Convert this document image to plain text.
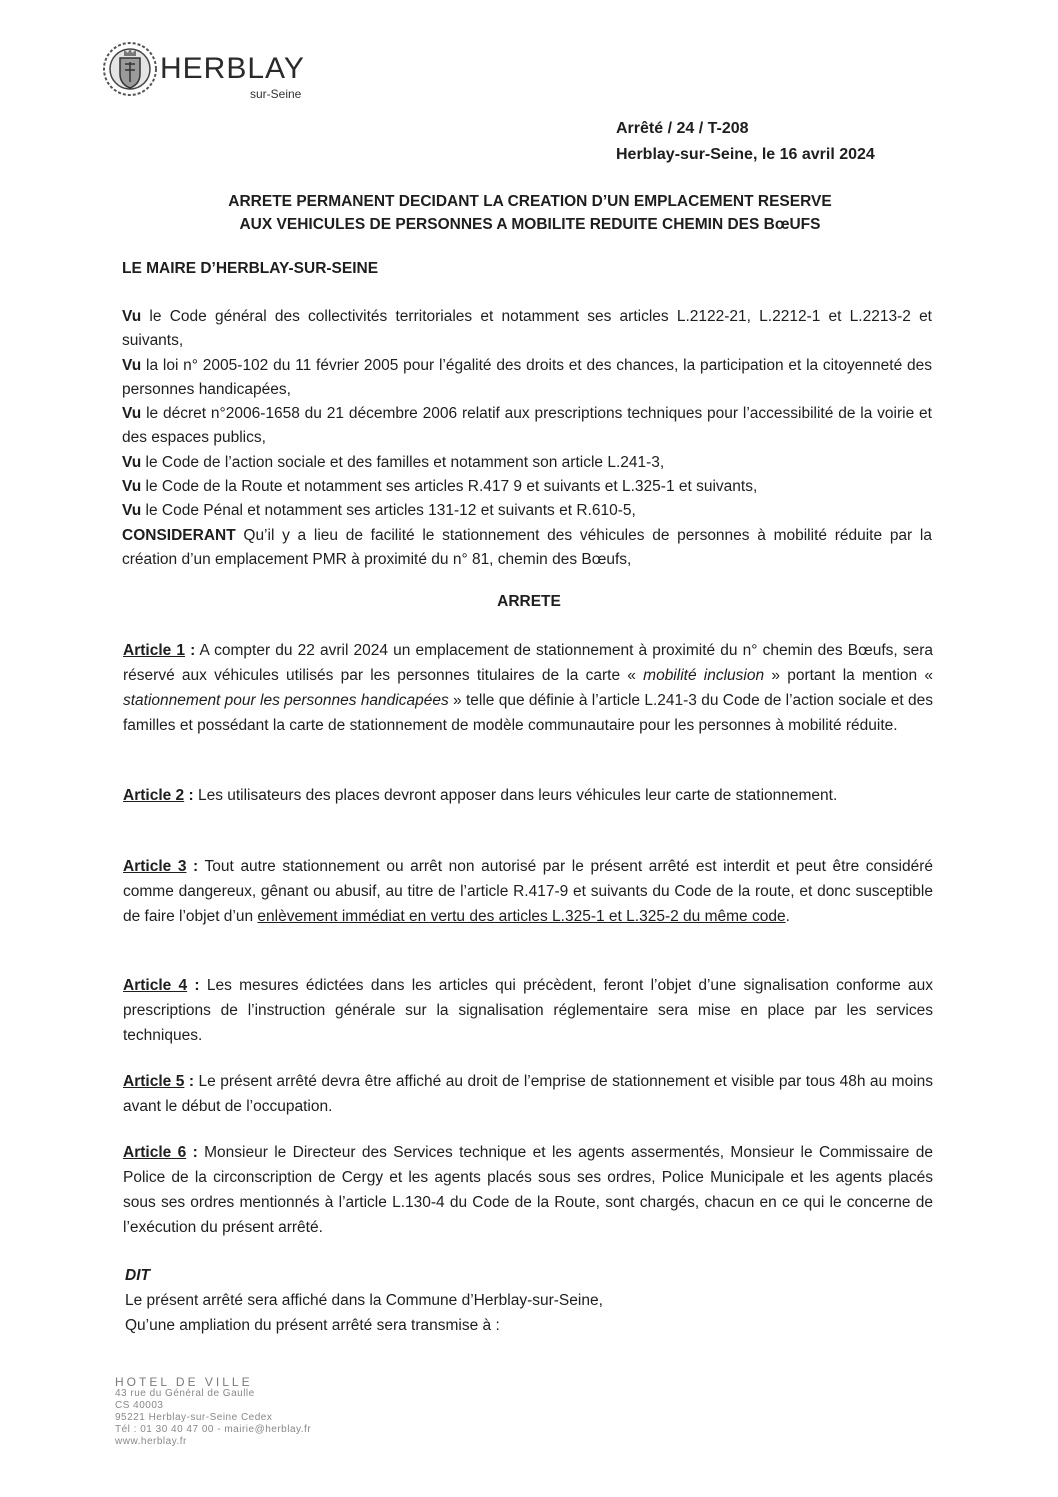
HERBLAY
sur-Seine
Arrêté / 24 / T-208
Herblay-sur-Seine, le 16 avril 2024
ARRETE PERMANENT DECIDANT LA CREATION D’UN EMPLACEMENT RESERVE
AUX VEHICULES DE PERSONNES A MOBILITE REDUITE CHEMIN DES BœUFS
LE MAIRE D’HERBLAY-SUR-SEINE
Vu le Code général des collectivités territoriales et notamment ses articles L.2122-21, L.2212-1 et L.2213-2 et suivants,
Vu la loi n° 2005-102 du 11 février 2005 pour l’égalité des droits et des chances, la participation et la citoyenneté des personnes handicapées,
Vu le décret n°2006-1658 du 21 décembre 2006 relatif aux prescriptions techniques pour l’accessibilité de la voirie et des espaces publics,
Vu le Code de l’action sociale et des familles et notamment son article L.241-3,
Vu le Code de la Route et notamment ses articles R.417 9 et suivants et L.325-1 et suivants,
Vu le Code Pénal et notamment ses articles 131-12 et suivants et R.610-5,
CONSIDERANT Qu’il y a lieu de facilité le stationnement des véhicules de personnes à mobilité réduite par la création d’un emplacement PMR à proximité du n° 81, chemin des Bœufs,
ARRETE
Article 1 : A compter du 22 avril 2024 un emplacement de stationnement à proximité du n° chemin des Bœufs, sera réservé aux véhicules utilisés par les personnes titulaires de la carte « mobilité inclusion » portant la mention « stationnement pour les personnes handicapées » telle que définie à l’article L.241-3 du Code de l’action sociale et des familles et possédant la carte de stationnement de modèle communautaire pour les personnes à mobilité réduite.
Article 2 : Les utilisateurs des places devront apposer dans leurs véhicules leur carte de stationnement.
Article 3 : Tout autre stationnement ou arrêt non autorisé par le présent arrêté est interdit et peut être considéré comme dangereux, gênant ou abusif, au titre de l’article R.417-9 et suivants du Code de la route, et donc susceptible de faire l’objet d’un enlèvement immédiat en vertu des articles L.325-1 et L.325-2 du même code.
Article 4 : Les mesures édictées dans les articles qui précèdent, feront l’objet d’une signalisation conforme aux prescriptions de l’instruction générale sur la signalisation réglementaire sera mise en place par les services techniques.
Article 5 : Le présent arrêté devra être affiché au droit de l’emprise de stationnement et visible par tous 48h au moins avant le début de l’occupation.
Article 6 : Monsieur le Directeur des Services technique et les agents assermentés, Monsieur le Commissaire de Police de la circonscription de Cergy et les agents placés sous ses ordres, Police Municipale et les agents placés sous ses ordres mentionnés à l’article L.130-4 du Code de la Route, sont chargés, chacun en ce qui le concerne de l’exécution du présent arrêté.
DIT
Le présent arrêté sera affiché dans la Commune d’Herblay-sur-Seine,
Qu’une ampliation du présent arrêté sera transmise à :
HOTEL DE VILLE
43 rue du Général de Gaulle
CS 40003
95221 Herblay-sur-Seine Cedex
Tél : 01 30 40 47 00 - mairie@herblay.fr
www.herblay.fr
